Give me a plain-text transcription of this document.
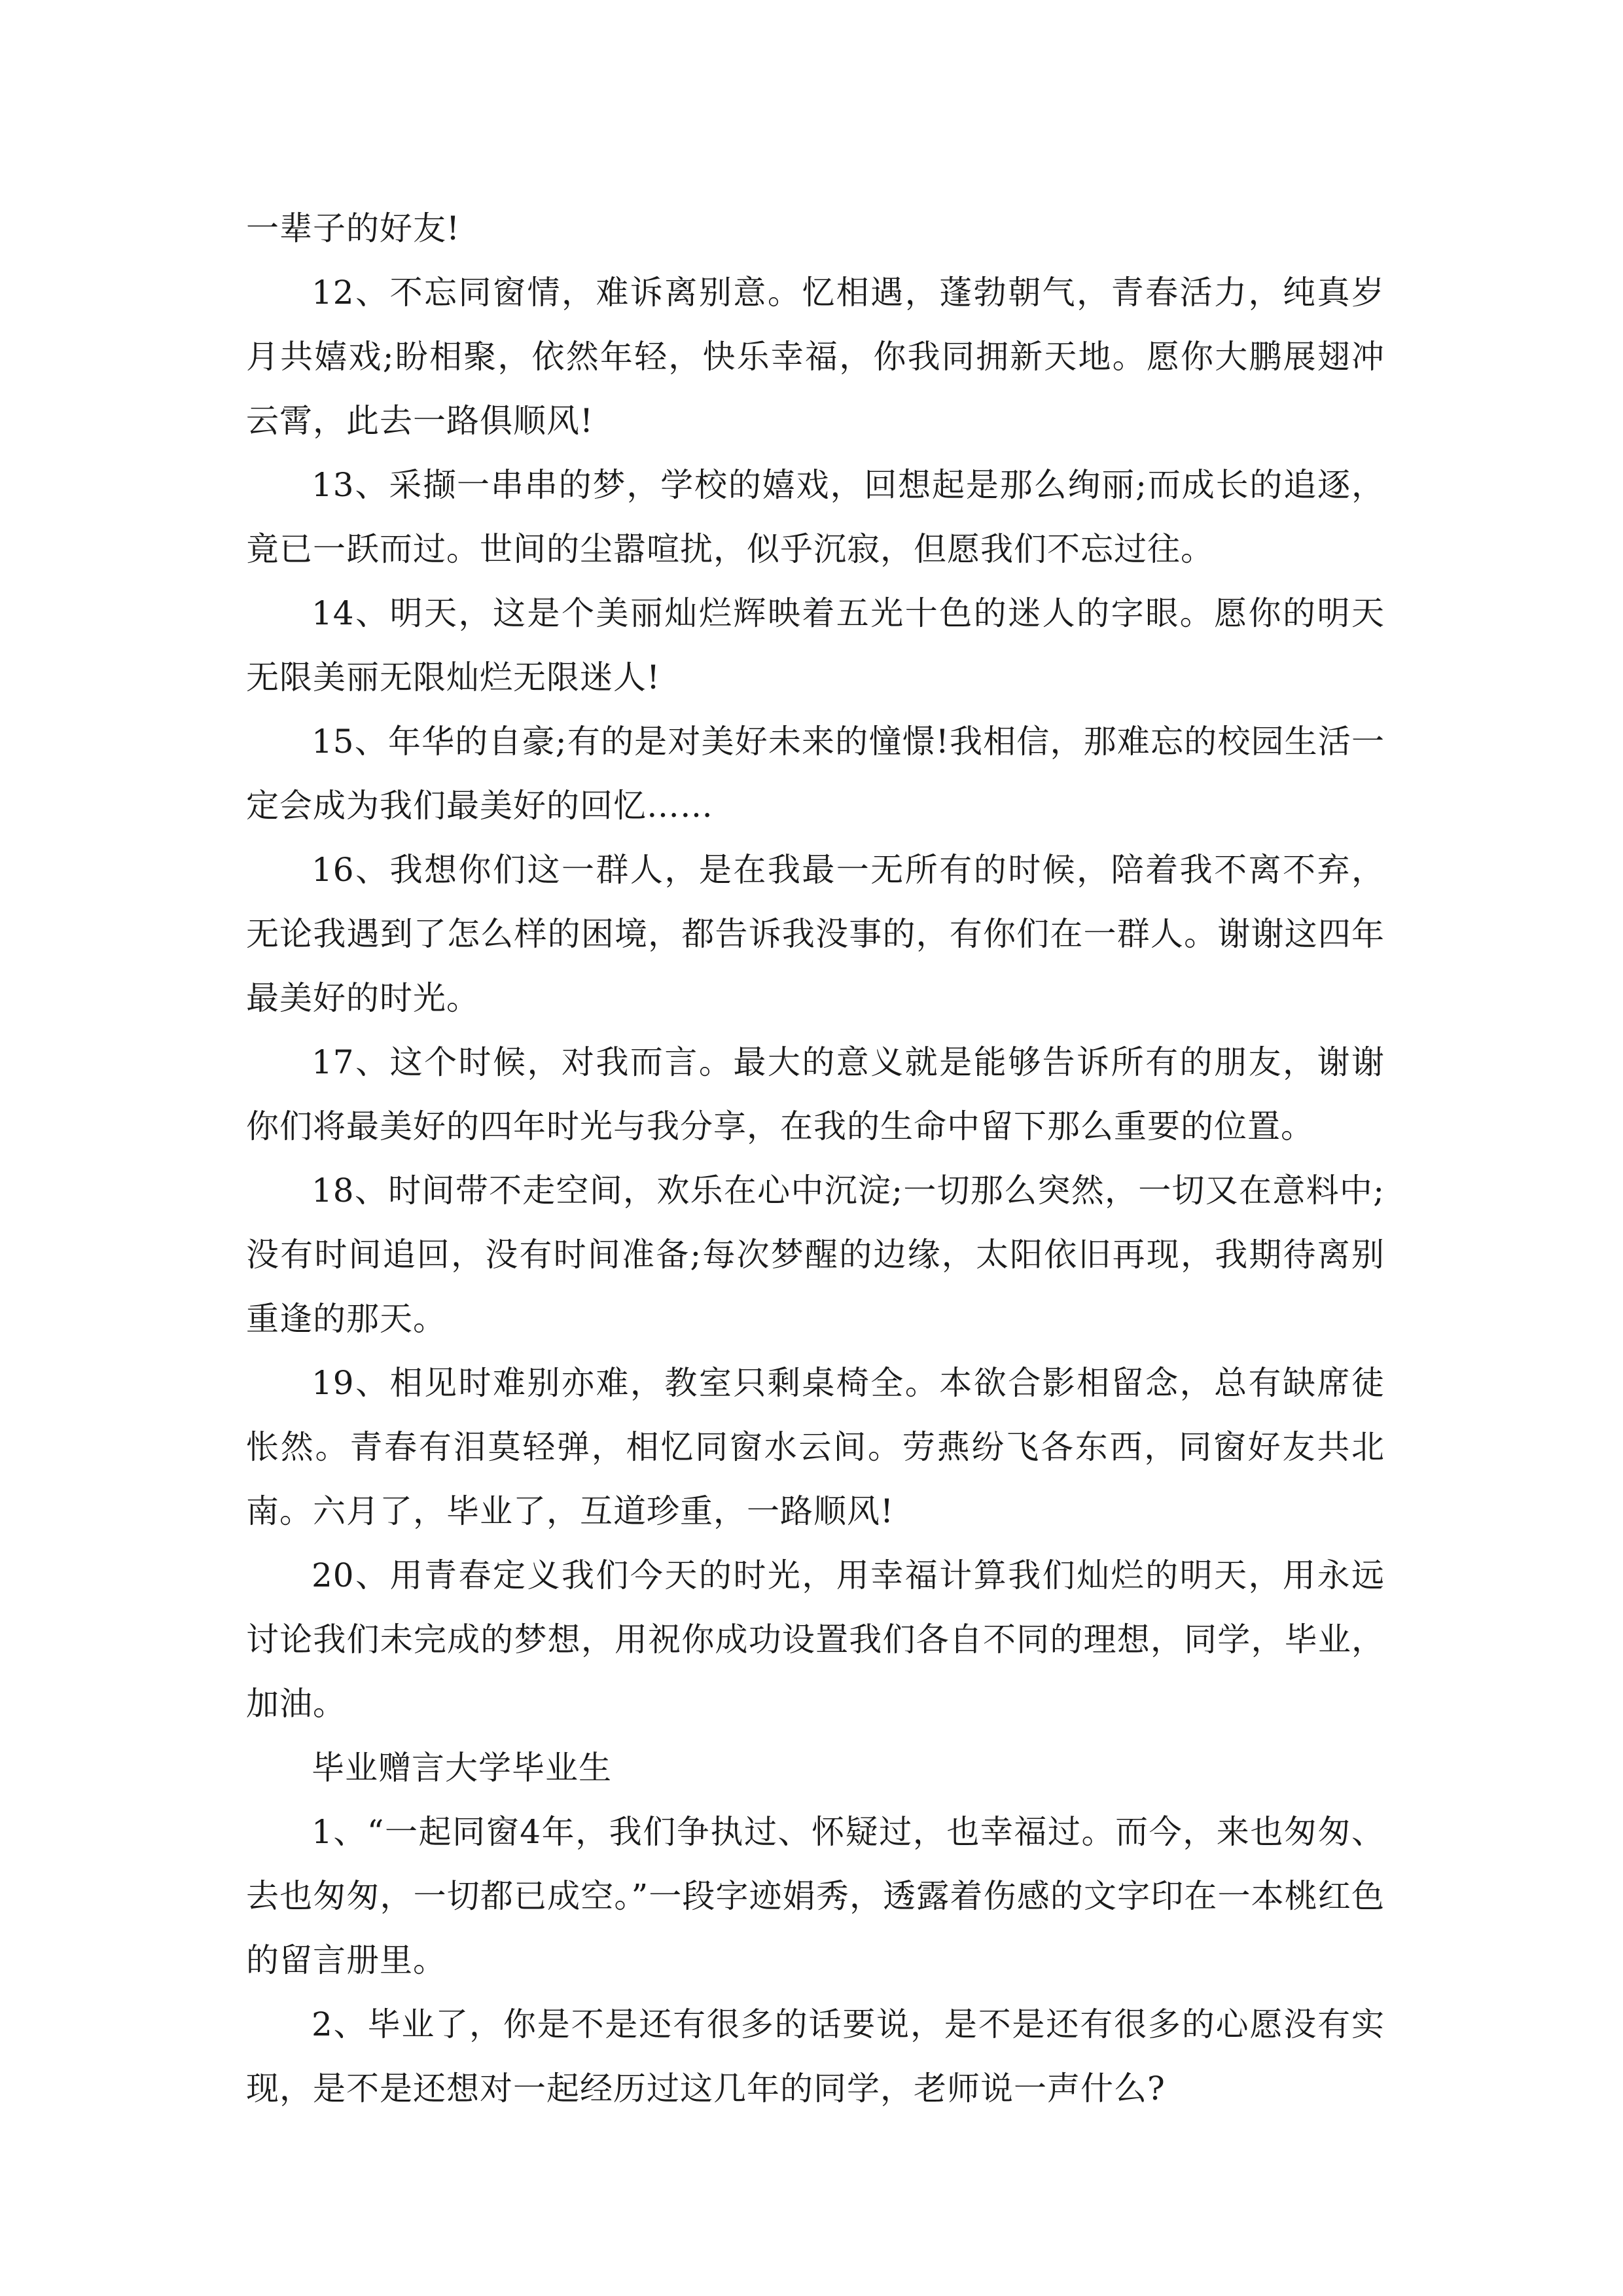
一辈子的好友!

12、不忘同窗情，难诉离别意。忆相遇，蓬勃朝气，青春活力，纯真岁月共嬉戏;盼相聚，依然年轻，快乐幸福，你我同拥新天地。愿你大鹏展翅冲云霄，此去一路俱顺风!

13、采撷一串串的梦，学校的嬉戏，回想起是那么绚丽;而成长的追逐，竟已一跃而过。世间的尘嚣喧扰，似乎沉寂，但愿我们不忘过往。

14、明天，这是个美丽灿烂辉映着五光十色的迷人的字眼。愿你的明天无限美丽无限灿烂无限迷人!

15、年华的自豪;有的是对美好未来的憧憬!我相信，那难忘的校园生活一定会成为我们最美好的回忆……

16、我想你们这一群人，是在我最一无所有的时候，陪着我不离不弃，无论我遇到了怎么样的困境，都告诉我没事的，有你们在一群人。谢谢这四年最美好的时光。

17、这个时候，对我而言。最大的意义就是能够告诉所有的朋友，谢谢你们将最美好的四年时光与我分享，在我的生命中留下那么重要的位置。

18、时间带不走空间，欢乐在心中沉淀;一切那么突然，一切又在意料中;没有时间追回，没有时间准备;每次梦醒的边缘，太阳依旧再现，我期待离别重逢的那天。

19、相见时难别亦难，教室只剩桌椅全。本欲合影相留念，总有缺席徒怅然。青春有泪莫轻弹，相忆同窗水云间。劳燕纷飞各东西，同窗好友共北南。六月了，毕业了，互道珍重，一路顺风!

20、用青春定义我们今天的时光，用幸福计算我们灿烂的明天，用永远讨论我们未完成的梦想，用祝你成功设置我们各自不同的理想，同学，毕业，加油。

毕业赠言大学毕业生

1、“一起同窗4年，我们争执过、怀疑过，也幸福过。而今，来也匆匆、去也匆匆，一切都已成空。”一段字迹娟秀，透露着伤感的文字印在一本桃红色的留言册里。

2、毕业了，你是不是还有很多的话要说，是不是还有很多的心愿没有实现，是不是还想对一起经历过这几年的同学，老师说一声什么?
